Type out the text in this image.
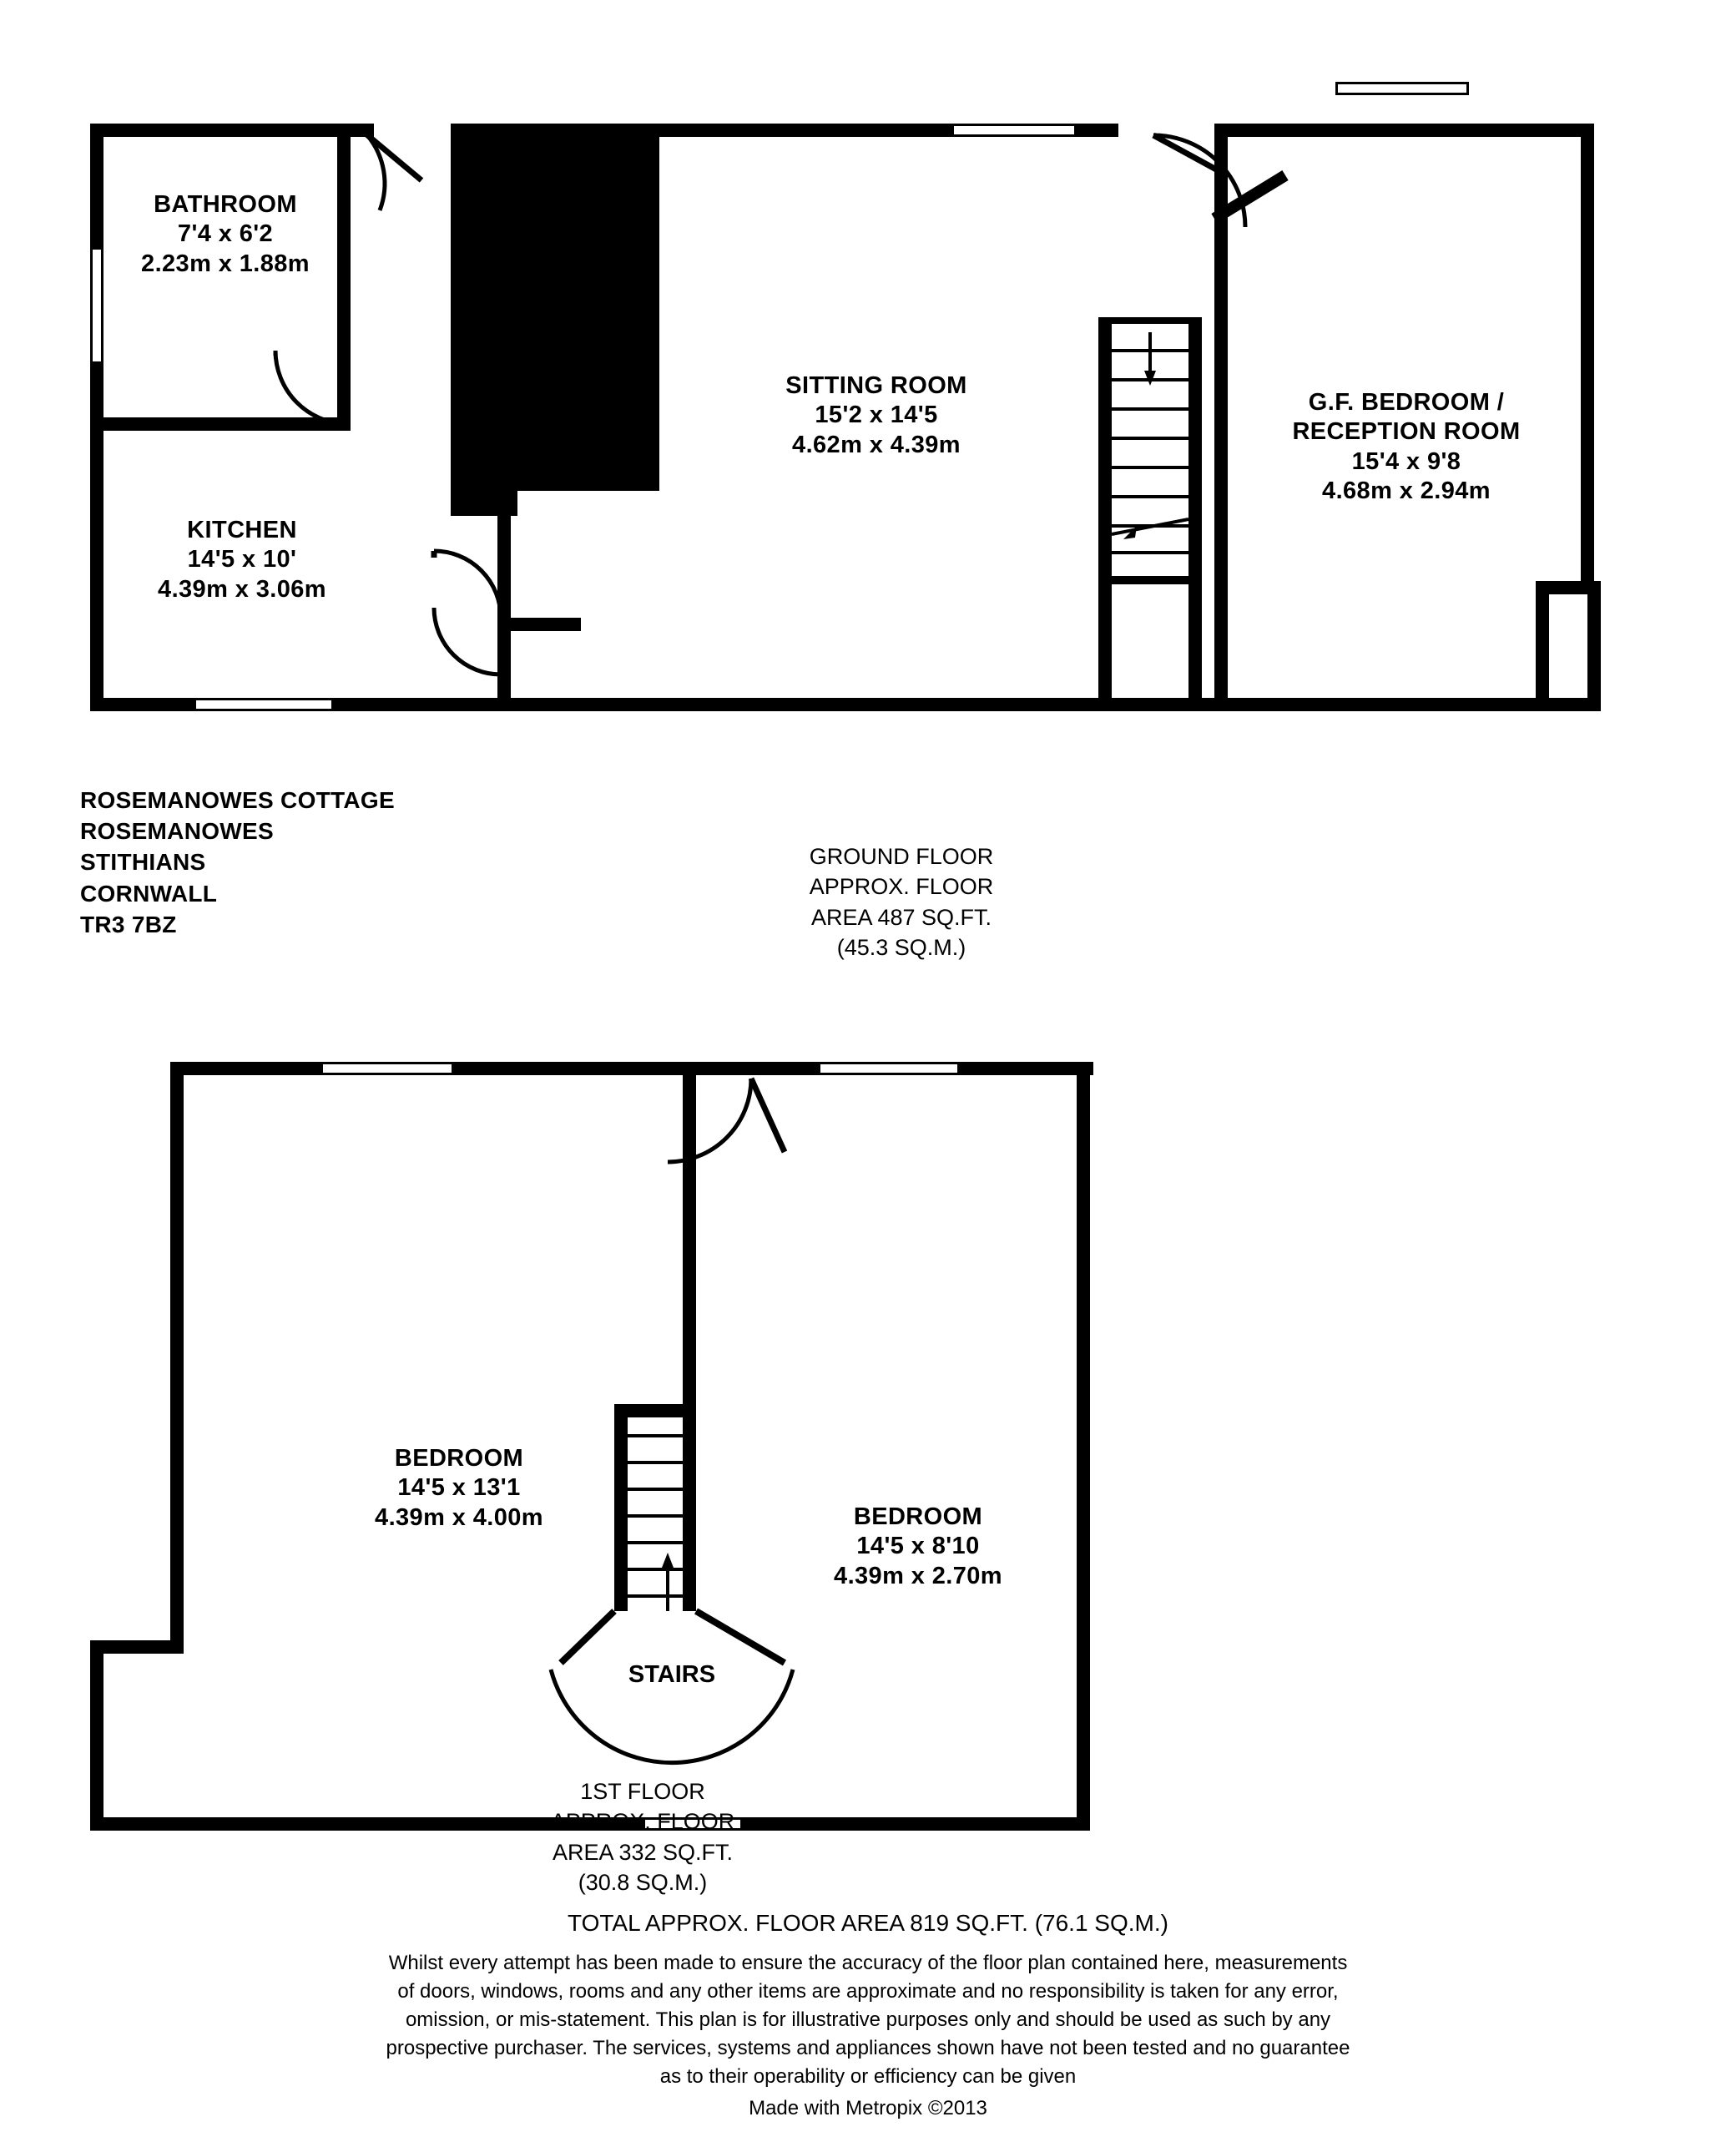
BATHROOM
7'4 x 6'2
2.23m x 1.88m
KITCHEN
14'5 x 10'
4.39m x 3.06m
SITTING ROOM
15'2 x 14'5
4.62m x 4.39m
G.F. BEDROOM /
RECEPTION ROOM
15'4 x 9'8
4.68m x 2.94m
ROSEMANOWES COTTAGE
ROSEMANOWES
STITHIANS
CORNWALL
TR3 7BZ
GROUND FLOOR
APPROX. FLOOR
AREA 487 SQ.FT.
(45.3 SQ.M.)
BEDROOM
14'5 x 13'1
4.39m x 4.00m	BEDROOM
14'5 x 8'10
4.39m x 2.70m
STAIRS
1ST FLOOR
APPROX. FLOOR
AREA 332 SQ.FT.
(30.8 SQ.M.)
TOTAL APPROX. FLOOR AREA 819 SQ.FT. (76.1 SQ.M.)
Whilst every attempt has been made to ensure the accuracy of the floor plan contained here, measurements
of doors, windows, rooms and any other items are approximate and no responsibility is taken for any error,
omission, or mis-statement. This plan is for illustrative purposes only and should be used as such by any
prospective purchaser. The services, systems and appliances shown have not been tested and no guarantee
as to their operability or efficiency can be given
Made with Metropix ©2013
